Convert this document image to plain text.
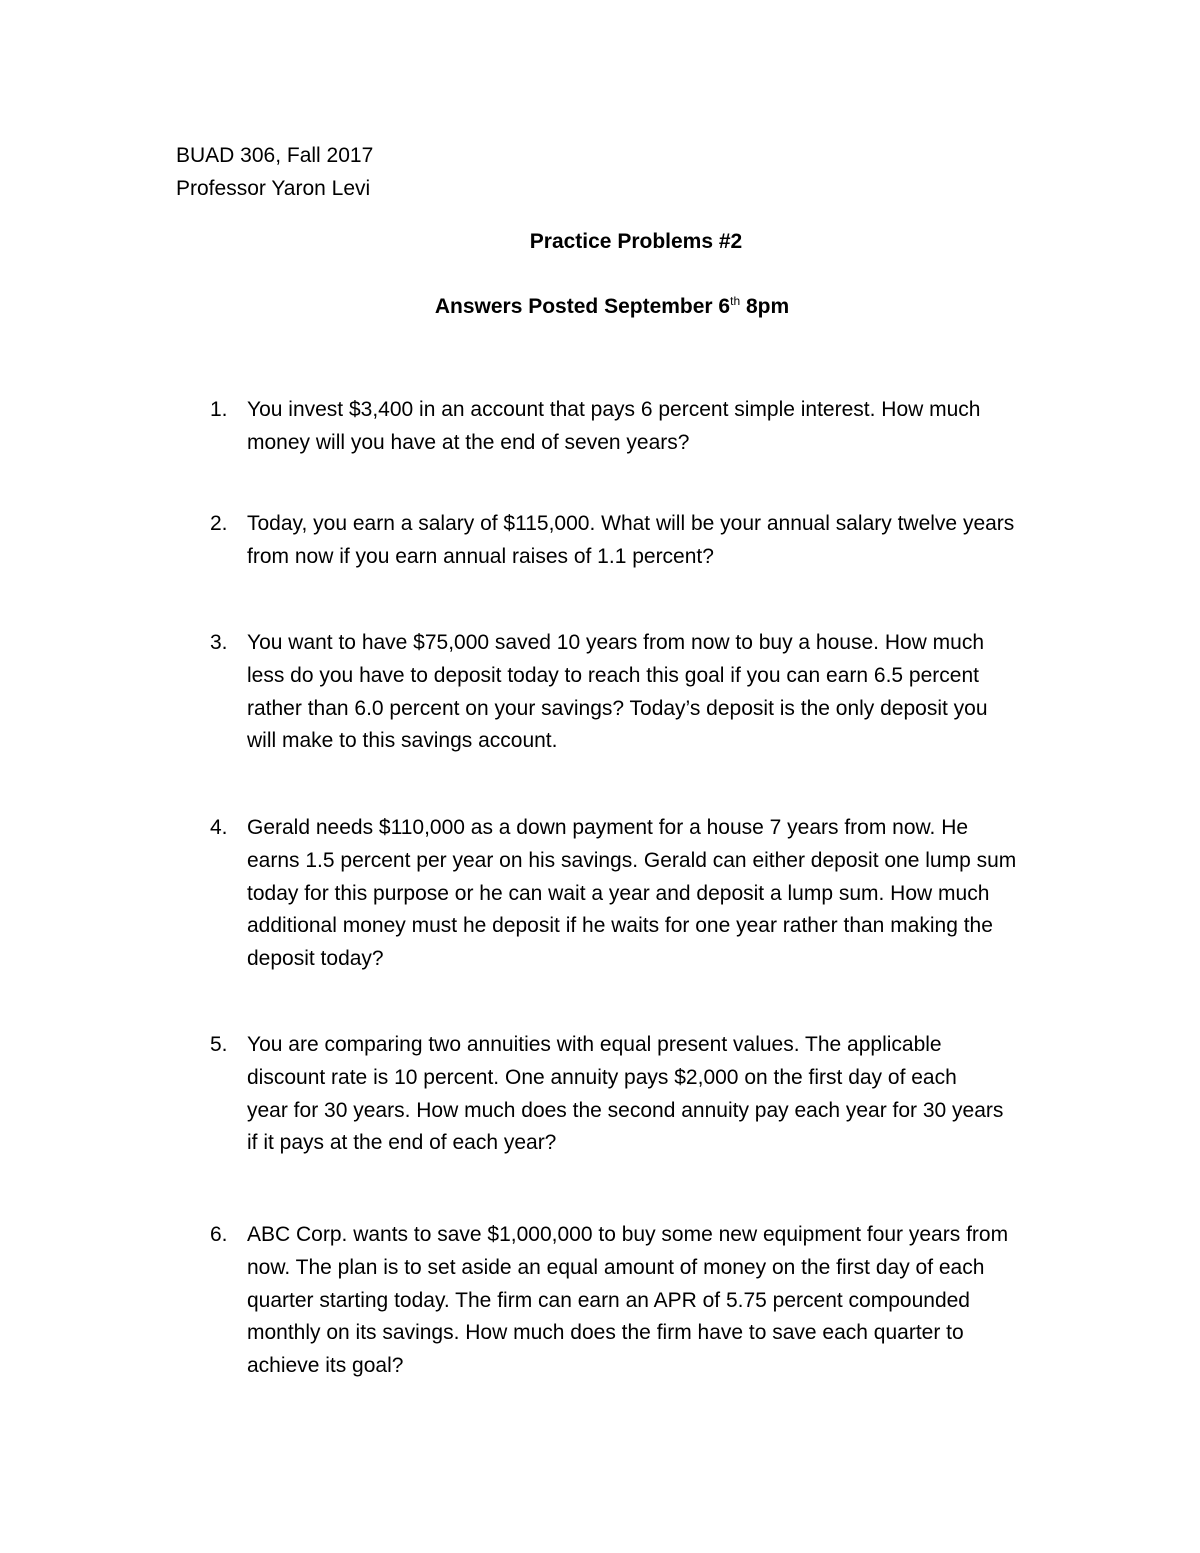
BUAD 306, Fall 2017
Professor Yaron Levi
Practice Problems #2
Answers Posted September 6th 8pm
1. You invest $3,400 in an account that pays 6 percent simple interest. How much
money will you have at the end of seven years?
2. Today, you earn a salary of $115,000. What will be your annual salary twelve years
from now if you earn annual raises of 1.1 percent?
3. You want to have $75,000 saved 10 years from now to buy a house. How much
less do you have to deposit today to reach this goal if you can earn 6.5 percent
rather than 6.0 percent on your savings? Today’s deposit is the only deposit you
will make to this savings account.
4. Gerald needs $110,000 as a down payment for a house 7 years from now. He
earns 1.5 percent per year on his savings. Gerald can either deposit one lump sum
today for this purpose or he can wait a year and deposit a lump sum. How much
additional money must he deposit if he waits for one year rather than making the
deposit today?
5. You are comparing two annuities with equal present values. The applicable
discount rate is 10 percent. One annuity pays $2,000 on the first day of each
year for 30 years. How much does the second annuity pay each year for 30 years
if it pays at the end of each year?
6. ABC Corp. wants to save $1,000,000 to buy some new equipment four years from
now. The plan is to set aside an equal amount of money on the first day of each
quarter starting today. The firm can earn an APR of 5.75 percent compounded
monthly on its savings. How much does the firm have to save each quarter to
achieve its goal?
